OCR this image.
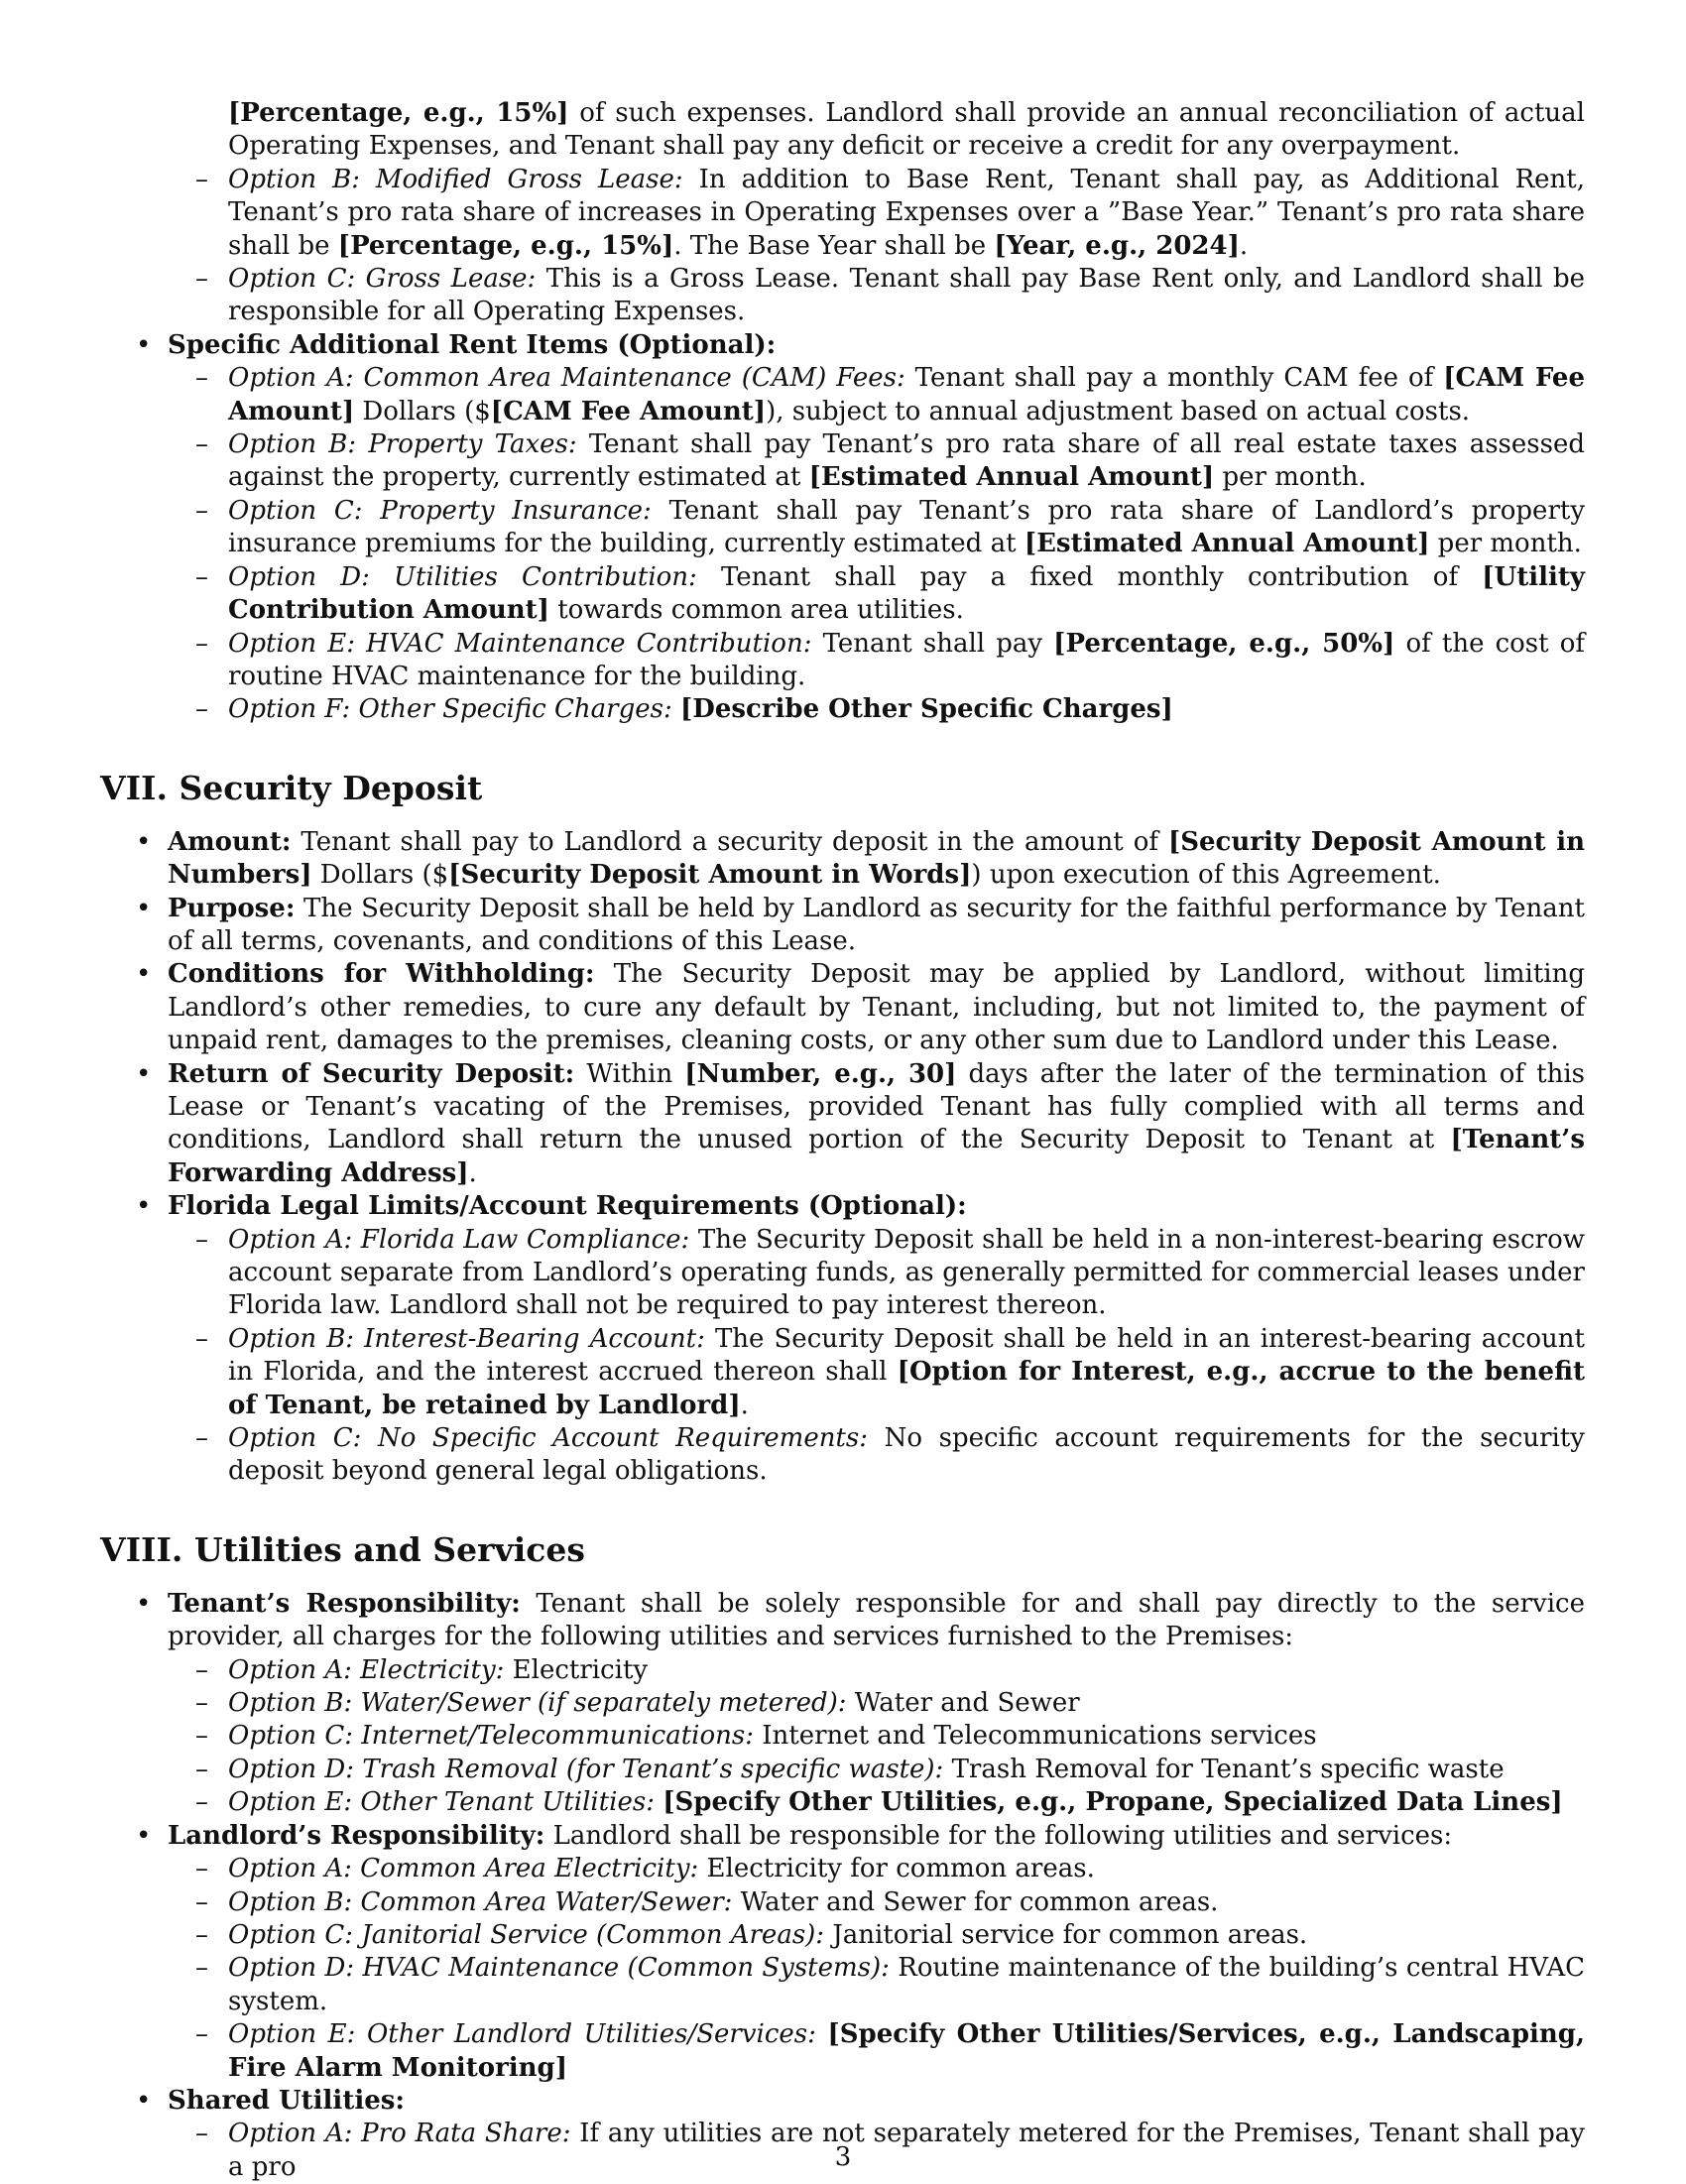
[Percentage, e.g., 15%] of such expenses. Landlord shall provide an annual reconciliation of actual Operating Expenses, and Tenant shall pay any deficit or receive a credit for any overpayment.

– Option B: Modified Gross Lease: In addition to Base Rent, Tenant shall pay, as Additional Rent, Tenant’s pro rata share of increases in Operating Expenses over a ”Base Year.” Tenant’s pro rata share shall be [Percentage, e.g., 15%]. The Base Year shall be [Year, e.g., 2024].
– Option C: Gross Lease: This is a Gross Lease. Tenant shall pay Base Rent only, and Landlord shall be responsible for all Operating Expenses.
• Specific Additional Rent Items (Optional):
– Option A: Common Area Maintenance (CAM) Fees: Tenant shall pay a monthly CAM fee of [CAM Fee Amount] Dollars ($[CAM Fee Amount]), subject to annual adjustment based on actual costs.
– Option B: Property Taxes: Tenant shall pay Tenant’s pro rata share of all real estate taxes assessed against the property, currently estimated at [Estimated Annual Amount] per month.
– Option C: Property Insurance: Tenant shall pay Tenant’s pro rata share of Landlord’s property insurance premiums for the building, currently estimated at [Estimated Annual Amount] per month.
– Option D: Utilities Contribution: Tenant shall pay a fixed monthly contribution of [Utility Contribution Amount] towards common area utilities.
– Option E: HVAC Maintenance Contribution: Tenant shall pay [Percentage, e.g., 50%] of the cost of routine HVAC maintenance for the building.
– Option F: Other Specific Charges: [Describe Other Specific Charges]
VII. Security Deposit
• Amount: Tenant shall pay to Landlord a security deposit in the amount of [Security Deposit Amount in Numbers] Dollars ($[Security Deposit Amount in Words]) upon execution of this Agreement.
• Purpose: The Security Deposit shall be held by Landlord as security for the faithful performance by Tenant of all terms, covenants, and conditions of this Lease.
• Conditions for Withholding: The Security Deposit may be applied by Landlord, without limiting Landlord’s other remedies, to cure any default by Tenant, including, but not limited to, the payment of unpaid rent, damages to the premises, cleaning costs, or any other sum due to Landlord under this Lease.
• Return of Security Deposit: Within [Number, e.g., 30] days after the later of the termination of this Lease or Tenant’s vacating of the Premises, provided Tenant has fully complied with all terms and conditions, Landlord shall return the unused portion of the Security Deposit to Tenant at [Tenant’s Forwarding Address].
• Florida Legal Limits/Account Requirements (Optional):
– Option A: Florida Law Compliance: The Security Deposit shall be held in a non-interest-bearing escrow account separate from Landlord’s operating funds, as generally permitted for commercial leases under Florida law. Landlord shall not be required to pay interest thereon.
– Option B: Interest-Bearing Account: The Security Deposit shall be held in an interest-bearing account in Florida, and the interest accrued thereon shall [Option for Interest, e.g., accrue to the benefit of Tenant, be retained by Landlord].
– Option C: No Specific Account Requirements: No specific account requirements for the security deposit beyond general legal obligations.
VIII. Utilities and Services
• Tenant’s Responsibility: Tenant shall be solely responsible for and shall pay directly to the service provider, all charges for the following utilities and services furnished to the Premises:
– Option A: Electricity: Electricity
– Option B: Water/Sewer (if separately metered): Water and Sewer
– Option C: Internet/Telecommunications: Internet and Telecommunications services
– Option D: Trash Removal (for Tenant’s specific waste): Trash Removal for Tenant’s specific waste
– Option E: Other Tenant Utilities: [Specify Other Utilities, e.g., Propane, Specialized Data Lines]
• Landlord’s Responsibility: Landlord shall be responsible for the following utilities and services:
– Option A: Common Area Electricity: Electricity for common areas.
– Option B: Common Area Water/Sewer: Water and Sewer for common areas.
– Option C: Janitorial Service (Common Areas): Janitorial service for common areas.
– Option D: HVAC Maintenance (Common Systems): Routine maintenance of the building’s central HVAC system.
– Option E: Other Landlord Utilities/Services: [Specify Other Utilities/Services, e.g., Landscaping, Fire Alarm Monitoring]
• Shared Utilities:
– Option A: Pro Rata Share: If any utilities are not separately metered for the Premises, Tenant shall pay a pro	3
